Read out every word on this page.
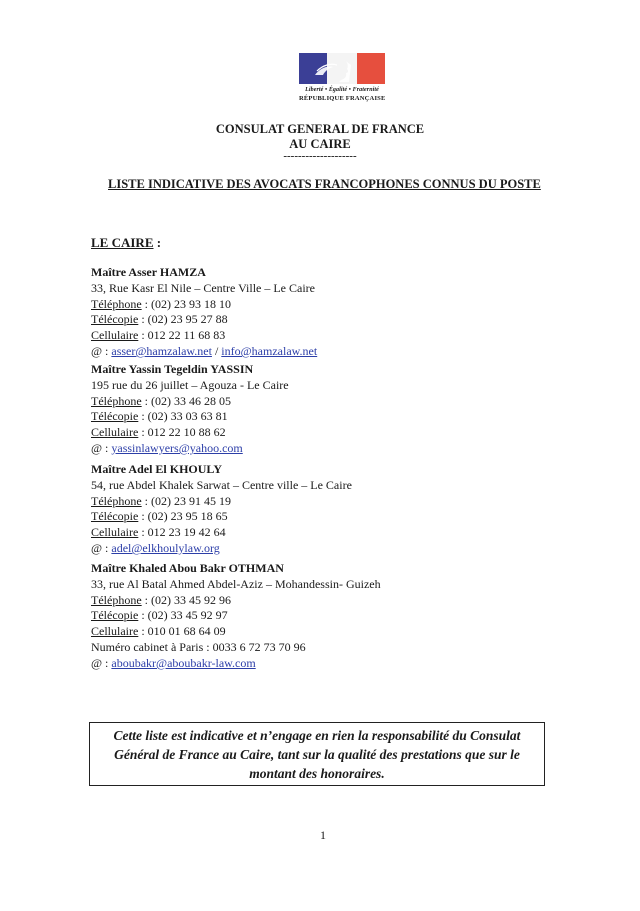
Liberté • Égalité • Fraternité
RÉPUBLIQUE FRANÇAISE
CONSULAT GENERAL DE FRANCE
AU CAIRE
--------------------
LISTE INDICATIVE DES AVOCATS FRANCOPHONES CONNUS DU POSTE
LE CAIRE :
Maître Asser HAMZA
33, Rue Kasr El Nile – Centre Ville – Le Caire
Téléphone : (02) 23 93 18 10
Télécopie : (02) 23 95 27 88
Cellulaire : 012 22 11 68 83
@ : asser@hamzalaw.net / info@hamzalaw.net
Maître Yassin Tegeldin YASSIN
195 rue du 26 juillet – Agouza - Le Caire
Téléphone : (02) 33 46 28 05
Télécopie : (02) 33 03 63 81
Cellulaire : 012 22 10 88 62
@ : yassinlawyers@yahoo.com
Maître Adel El KHOULY
54, rue Abdel Khalek Sarwat – Centre ville – Le Caire
Téléphone : (02) 23 91 45 19
Télécopie : (02) 23 95 18 65
Cellulaire : 012 23 19 42 64
@ : adel@elkhoulylaw.org
Maître Khaled Abou Bakr OTHMAN
33, rue Al Batal Ahmed Abdel-Aziz – Mohandessin- Guizeh
Téléphone : (02) 33 45 92 96
Télécopie : (02) 33 45 92 97
Cellulaire : 010 01 68 64 09
Numéro cabinet à Paris : 0033 6 72 73 70 96
@ : aboubakr@aboubakr-law.com
Cette liste est indicative et n’engage en rien la responsabilité du Consulat Général de France au Caire, tant sur la qualité des prestations que sur le montant des honoraires.
1
